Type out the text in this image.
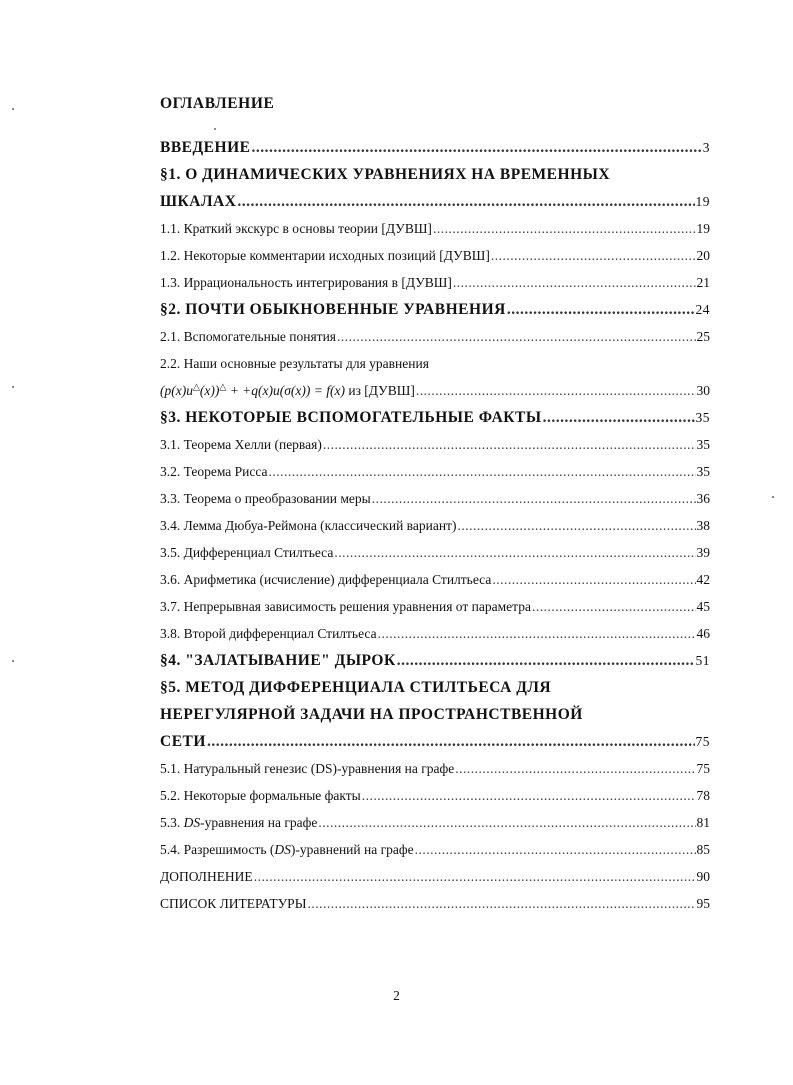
ОГЛАВЛЕНИЕ
ВВЕДЕНИЕ .....	3
§1. О ДИНАМИЧЕСКИХ УРАВНЕНИЯХ НА ВРЕМЕННЫХ
ШКАЛАХ .....	19
1.1. Краткий экскурс в основы теории [ДУВШ] .....	19
1.2. Некоторые комментарии исходных позиций [ДУВШ] .....	20
1.3. Иррациональность интегрирования в [ДУВШ] .....	21
§2. ПОЧТИ ОБЫКНОВЕННЫЕ УРАВНЕНИЯ .....	24
2.1. Вспомогательные понятия .....	25
2.2. Наши основные результаты для уравнения
(p(x)u△(x))△ + +q(x)u(σ(x)) = f(x) из [ДУВШ] .....	30
§3. НЕКОТОРЫЕ ВСПОМОГАТЕЛЬНЫЕ ФАКТЫ .....	35
3.1. Теорема Хелли (первая) .....	35
3.2. Теорема Рисса .....	35
3.3. Теорема о преобразовании меры .....	36
3.4. Лемма Дюбуа-Реймона (классический вариант) .....	38
3.5. Дифференциал Стилтьеса .....	39
3.6. Арифметика (исчисление) дифференциала Стилтьеса .....	42
3.7. Непрерывная зависимость решения уравнения от параметра .....	45
3.8. Второй дифференциал Стилтьеса .....	46
§4. "ЗАЛАТЫВАНИЕ" ДЫРОК .....	51
§5. МЕТОД ДИФФЕРЕНЦИАЛА СТИЛТЬЕСА ДЛЯ
НЕРЕГУЛЯРНОЙ ЗАДАЧИ НА ПРОСТРАНСТВЕННОЙ
СЕТИ .....	75
5.1. Натуральный генезис (DS)-уравнения на графе .....	75
5.2. Некоторые формальные факты .....	78
5.3. DS-уравнения на графе .....	81
5.4. Разрешимость (DS)-уравнений на графе .....	85
ДОПОЛНЕНИЕ .....	90
СПИСОК ЛИТЕРАТУРЫ .....	95
2
